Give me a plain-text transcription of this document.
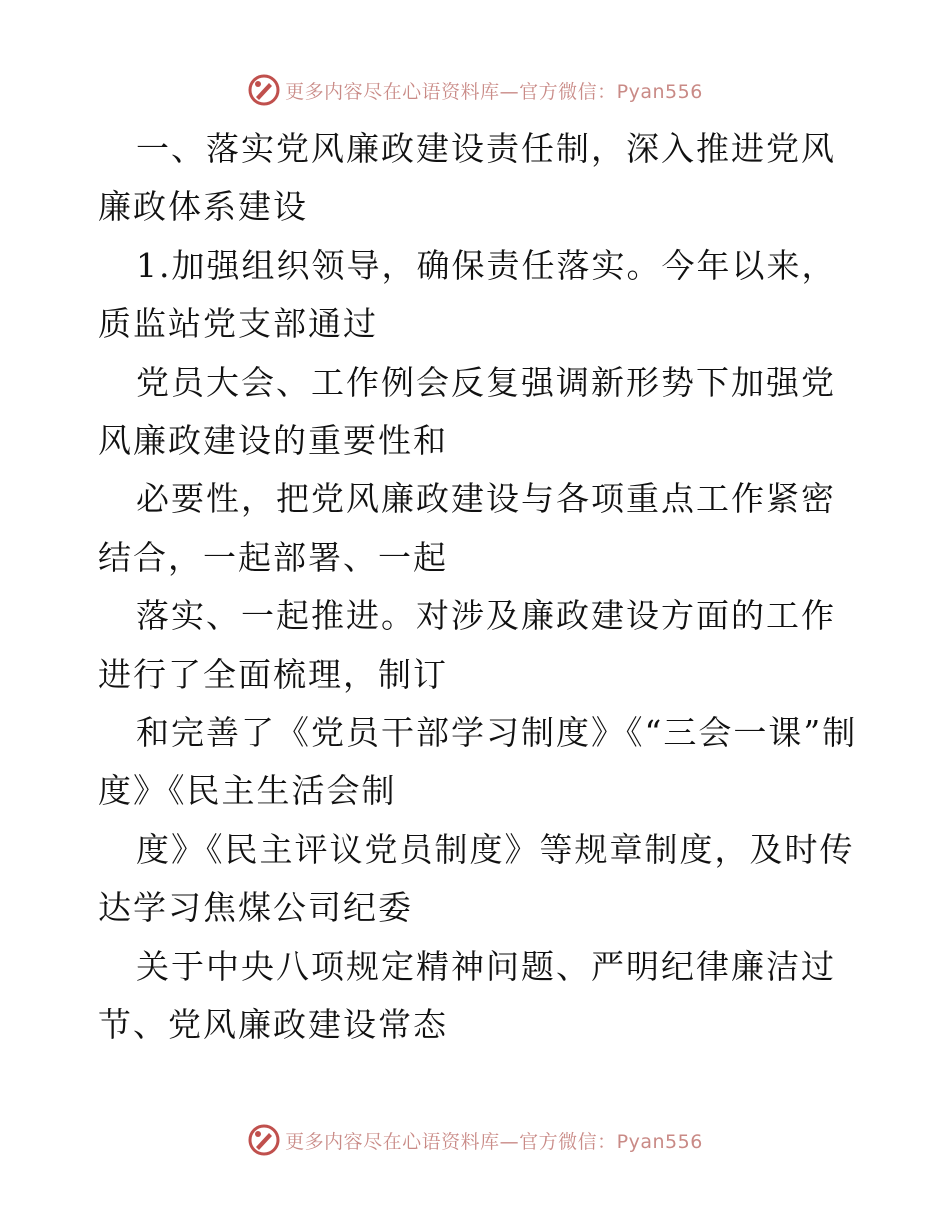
更多内容尽在心语资料库—官方微信：Pyan556

一、落实党风廉政建设责任制，深入推进党风廉政体系建设

1.加强组织领导，确保责任落实。今年以来，质监站党支部通过

党员大会、工作例会反复强调新形势下加强党风廉政建设的重要性和

必要性，把党风廉政建设与各项重点工作紧密结合，一起部署、一起

落实、一起推进。对涉及廉政建设方面的工作进行了全面梳理，制订

和完善了《党员干部学习制度》《“三会一课”制度》《民主生活会制

度》《民主评议党员制度》等规章制度，及时传达学习焦煤公司纪委

关于中央八项规定精神问题、严明纪律廉洁过节、党风廉政建设常态

更多内容尽在心语资料库—官方微信：Pyan556
